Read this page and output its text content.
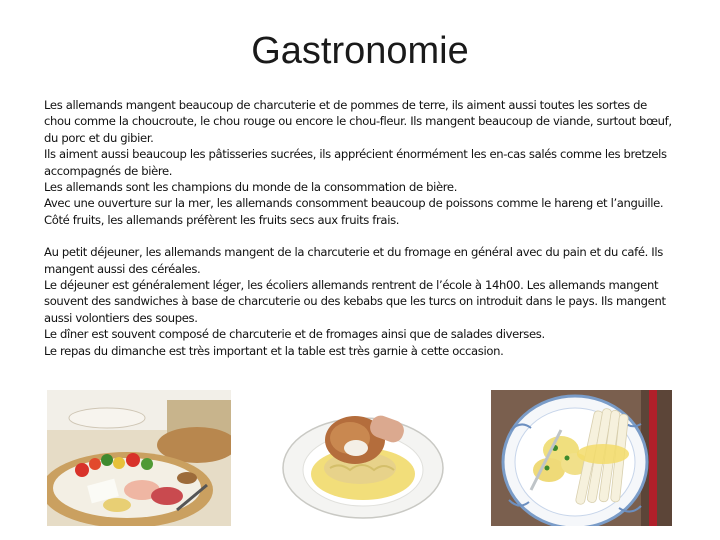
Gastronomie

Les allemands mangent beaucoup de charcuterie et de pommes de terre, ils aiment aussi toutes les sortes de chou comme la choucroute, le chou rouge ou encore le chou-fleur. Ils mangent beaucoup de viande, surtout bœuf, du porc et du gibier.

Ils aiment aussi beaucoup les pâtisseries sucrées, ils apprécient énormément les en-cas salés comme les bretzels accompagnés de bière.

Les allemands sont les champions du monde de la consommation de bière.

Avec une ouverture sur la mer, les allemands consomment beaucoup de poissons comme le hareng et l’anguille.

Côté fruits, les allemands préfèrent les fruits secs aux fruits frais.

Au petit déjeuner, les allemands mangent de la charcuterie et du fromage en général avec du pain et du café. Ils mangent aussi des céréales.

Le déjeuner est généralement léger, les écoliers allemands rentrent de l’école à 14h00. Les allemands mangent souvent des sandwiches à base de charcuterie ou des kebabs que les turcs on introduit dans le pays. Ils mangent aussi volontiers des soupes.

Le dîner est souvent composé de charcuterie et de fromages ainsi que de salades diverses.

Le repas du dimanche est très important et la table est très garnie à cette occasion.
